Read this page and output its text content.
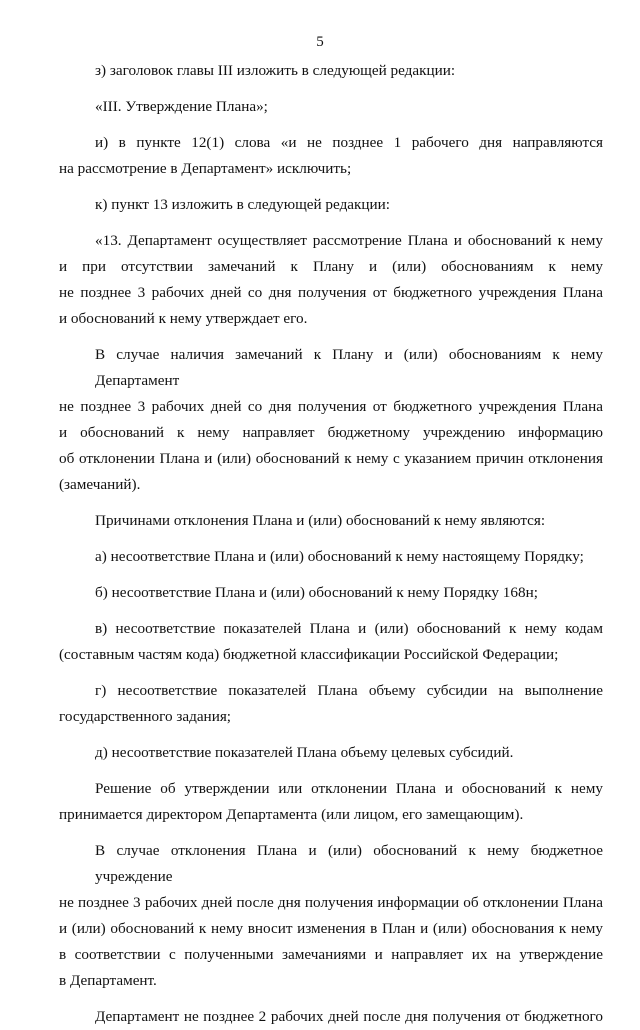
5
з) заголовок главы III изложить в следующей редакции:
«III. Утверждение Плана»;
и) в пункте 12(1) слова «и не позднее 1 рабочего дня направляются
на рассмотрение в Департамент» исключить;
к) пункт 13 изложить в следующей редакции:
«13. Департамент осуществляет рассмотрение Плана и обоснований к нему
и при отсутствии замечаний к Плану и (или) обоснованиям к нему
не позднее 3 рабочих дней со дня получения от бюджетного учреждения Плана
и обоснований к нему утверждает его.
В случае наличия замечаний к Плану и (или) обоснованиям к нему Департамент
не позднее 3 рабочих дней со дня получения от бюджетного учреждения Плана
и обоснований к нему направляет бюджетному учреждению информацию
об отклонении Плана и (или) обоснований к нему с указанием причин отклонения
(замечаний).
Причинами отклонения Плана и (или) обоснований к нему являются:
а) несоответствие Плана и (или) обоснований к нему настоящему Порядку;
б) несоответствие Плана и (или) обоснований к нему Порядку 168н;
в) несоответствие показателей Плана и (или) обоснований к нему кодам
(составным частям кода) бюджетной классификации Российской Федерации;
г) несоответствие показателей Плана объему субсидии на выполнение
государственного задания;
д) несоответствие показателей Плана объему целевых субсидий.
Решение об утверждении или отклонении Плана и обоснований к нему
принимается директором Департамента (или лицом, его замещающим).
В случае отклонения Плана и (или) обоснований к нему бюджетное учреждение
не позднее 3 рабочих дней после дня получения информации об отклонении Плана
и (или) обоснований к нему вносит изменения в План и (или) обоснования к нему
в соответствии с полученными замечаниями и направляет их на утверждение
в Департамент.
Департамент не позднее 2 рабочих дней после дня получения от бюджетного
